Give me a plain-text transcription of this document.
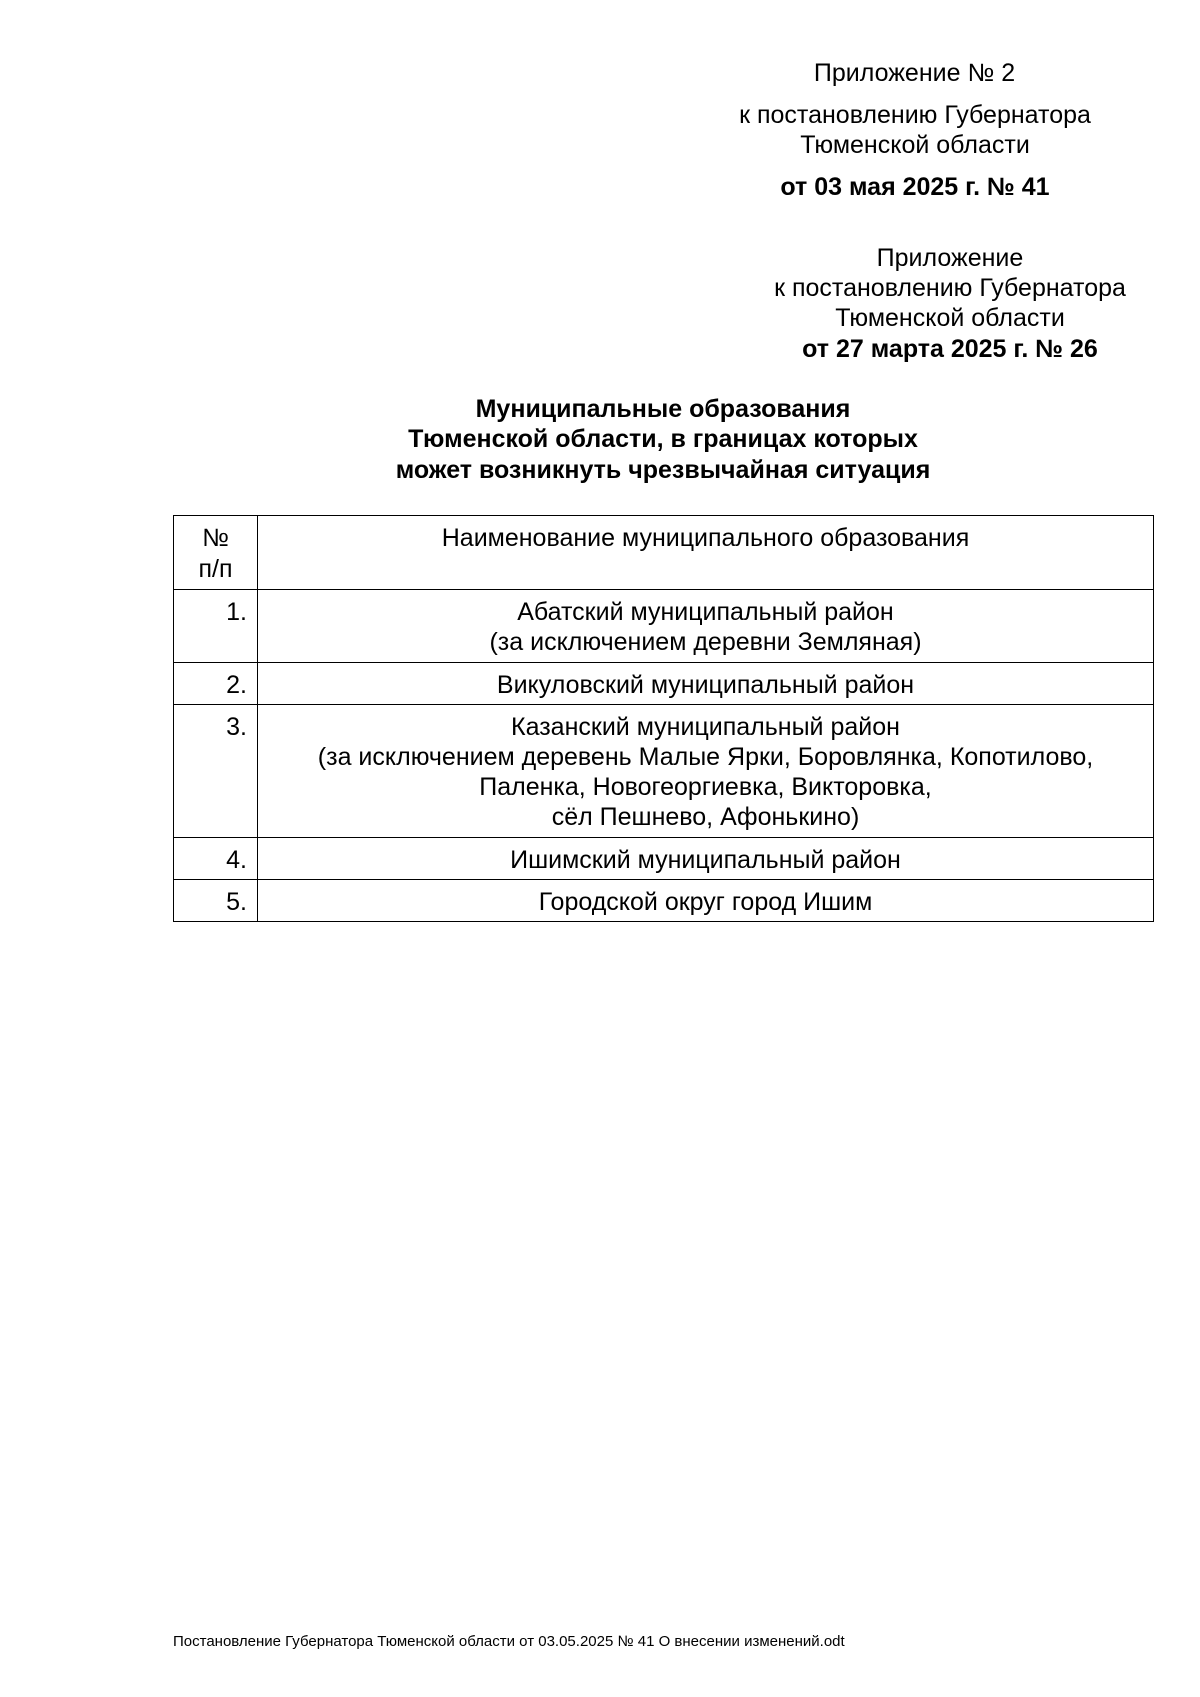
Приложение № 2
к постановлению Губернатора
Тюменской области
от 03 мая 2025 г. № 41
Приложение
к постановлению Губернатора
Тюменской области
от 27 марта 2025 г. № 26
Муниципальные образования
Тюменской области, в границах которых
может возникнуть чрезвычайная ситуация
№
п/п	Наименование муниципального образования
1.	Абатский муниципальный район
(за исключением деревни Земляная)

2.	Викуловский муниципальный район

3.	Казанский муниципальный район
(за исключением деревень Малые Ярки, Боровлянка, Копотилово,
Паленка, Новогеоргиевка, Викторовка,
сёл Пешнево, Афонькино)

4.	Ишимский муниципальный район

5.	Городской округ город Ишим
Постановление Губернатора Тюменской области от 03.05.2025 № 41 О внесении изменений.odt
